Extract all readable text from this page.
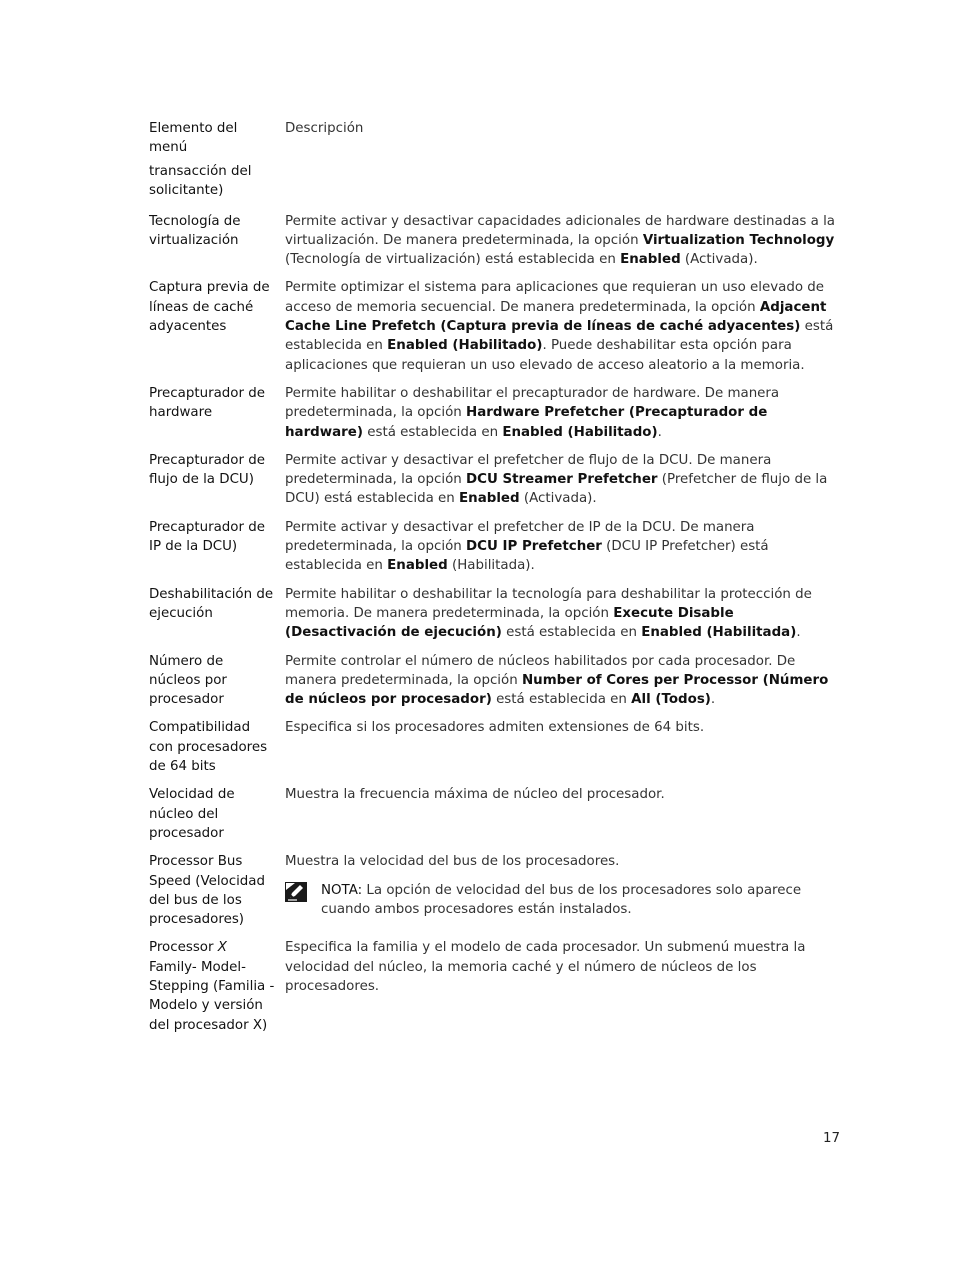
Elemento del
menú
Descripción
transacción del
solicitante)
Tecnología de
virtualización
Permite activar y desactivar capacidades adicionales de hardware destinadas a la virtualización. De manera predeterminada, la opción Virtualization Technology (Tecnología de virtualización) está establecida en Enabled (Activada).
Captura previa de
líneas de caché
adyacentes
Permite optimizar el sistema para aplicaciones que requieran un uso elevado de acceso de memoria secuencial. De manera predeterminada, la opción Adjacent Cache Line Prefetch (Captura previa de líneas de caché adyacentes) está establecida en Enabled (Habilitado). Puede deshabilitar esta opción para aplicaciones que requieran un uso elevado de acceso aleatorio a la memoria.
Precapturador de
hardware
Permite habilitar o deshabilitar el precapturador de hardware. De manera predeterminada, la opción Hardware Prefetcher (Precapturador de hardware) está establecida en Enabled (Habilitado).
Precapturador de
flujo de la DCU)
Permite activar y desactivar el prefetcher de flujo de la DCU. De manera predeterminada, la opción DCU Streamer Prefetcher (Prefetcher de flujo de la DCU) está establecida en Enabled (Activada).
Precapturador de
IP de la DCU)
Permite activar y desactivar el prefetcher de IP de la DCU. De manera predeterminada, la opción DCU IP Prefetcher (DCU IP Prefetcher) está establecida en Enabled (Habilitada).
Deshabilitación de
ejecución
Permite habilitar o deshabilitar la tecnología para deshabilitar la protección de memoria. De manera predeterminada, la opción Execute Disable (Desactivación de ejecución) está establecida en Enabled (Habilitada).
Número de
núcleos por
procesador
Permite controlar el número de núcleos habilitados por cada procesador. De manera predeterminada, la opción Number of Cores per Processor (Número de núcleos por procesador) está establecida en All (Todos).
Compatibilidad
con procesadores
de 64 bits
Especifica si los procesadores admiten extensiones de 64 bits.
Velocidad de
núcleo del
procesador
Muestra la frecuencia máxima de núcleo del procesador.
Processor Bus
Speed (Velocidad
del bus de los
procesadores)
Muestra la velocidad del bus de los procesadores.
NOTA: La opción de velocidad del bus de los procesadores solo aparece cuando ambos procesadores están instalados.
Processor X
Family- Model-
Stepping (Familia -
Modelo y versión
del procesador X)
Especifica la familia y el modelo de cada procesador. Un submenú muestra la velocidad del núcleo, la memoria caché y el número de núcleos de los procesadores.
17
